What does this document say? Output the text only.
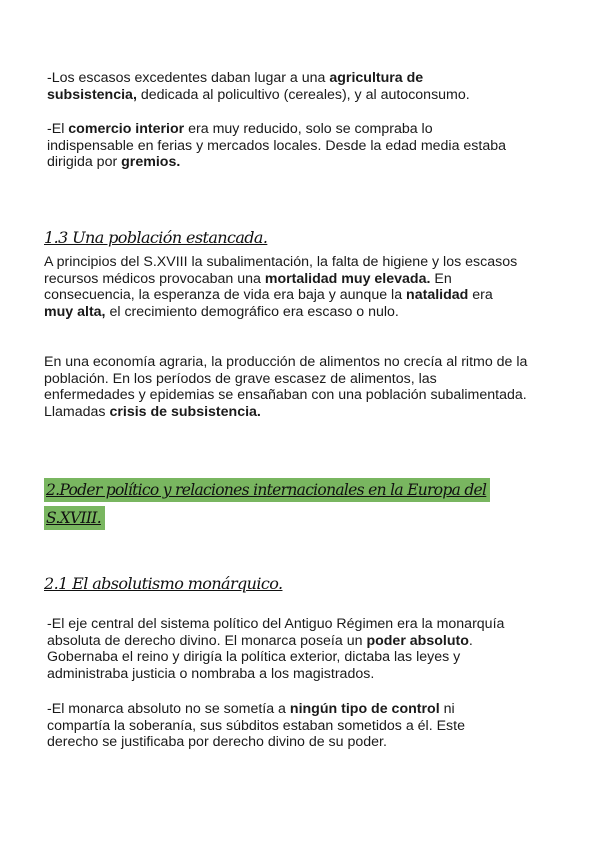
-Los escasos excedentes daban lugar a una agricultura de subsistencia, dedicada al policultivo (cereales), y al autoconsumo.

-El comercio interior era muy reducido, solo se compraba lo indispensable en ferias y mercados locales. Desde la edad media estaba dirigida por gremios.

1.3 Una población estancada.

A principios del S.XVIII la subalimentación, la falta de higiene y los escasos recursos médicos provocaban una mortalidad muy elevada. En consecuencia, la esperanza de vida era baja y aunque la natalidad era muy alta, el crecimiento demográfico era escaso o nulo.

En una economía agraria, la producción de alimentos no crecía al ritmo de la población. En los períodos de grave escasez de alimentos, las enfermedades y epidemias se ensañaban con una población subalimentada. Llamadas crisis de subsistencia.

2.Poder político y relaciones internacionales en la Europa del
S.XVIII.
2.1 El absolutismo monárquico.

-El eje central del sistema político del Antiguo Régimen era la monarquía absoluta de derecho divino. El monarca poseía un poder absoluto. Gobernaba el reino y dirigía la política exterior, dictaba las leyes y administraba justicia o nombraba a los magistrados.

-El monarca absoluto no se sometía a ningún tipo de control ni compartía la soberanía, sus súbditos estaban sometidos a él. Este derecho se justificaba por derecho divino de su poder.
